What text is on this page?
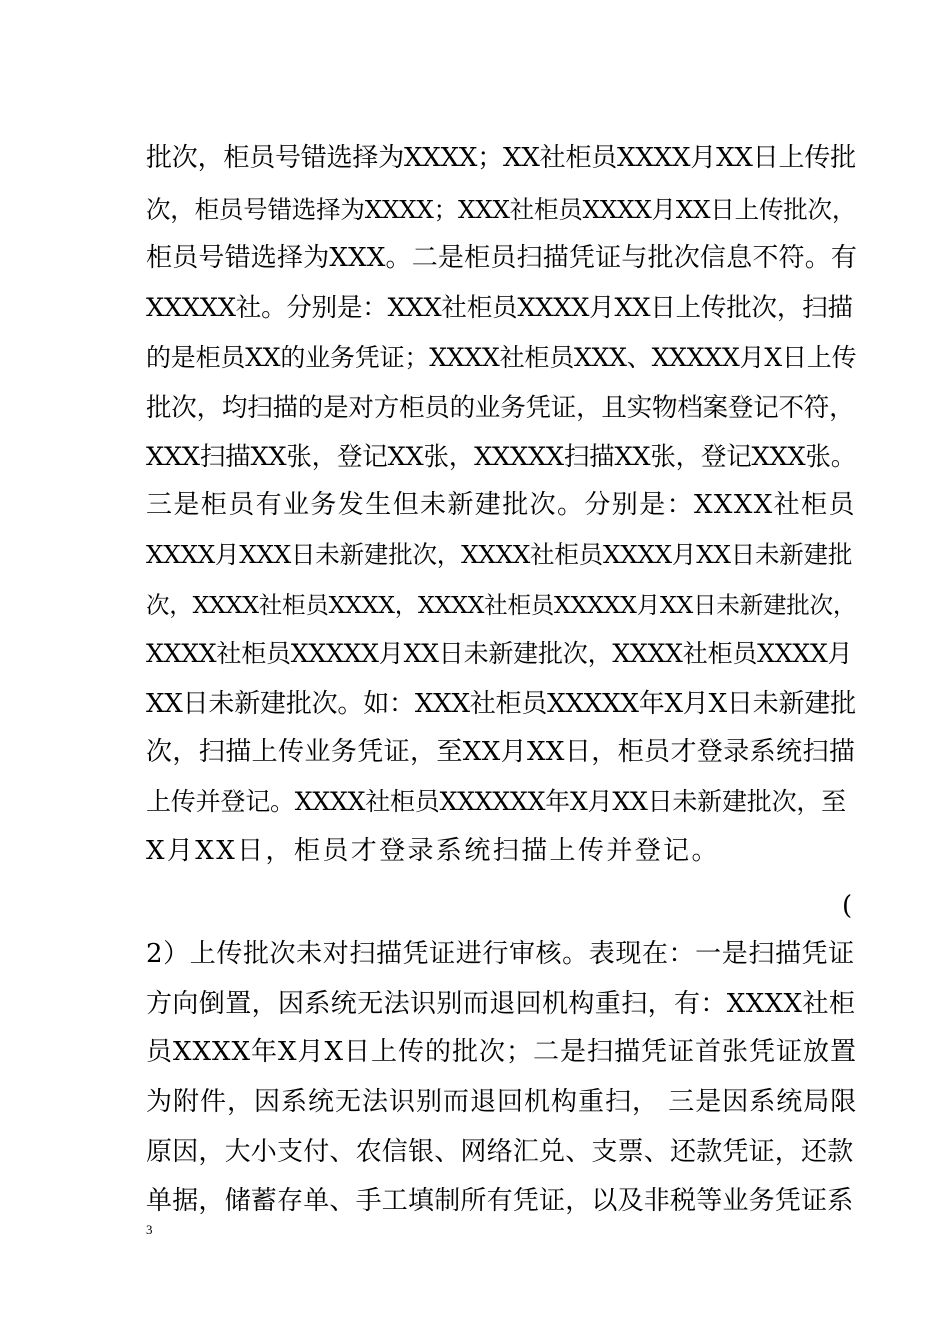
批次，柜员号错选择为XXXX；XX社柜员XXXX月XX日上传批
次，柜员号错选择为XXXX；XXX社柜员XXXX月XX日上传批次，
柜员号错选择为XXX。二是柜员扫描凭证与批次信息不符。有
XXXXX社。分别是：XXX社柜员XXXX月XX日上传批次，扫描
的是柜员XX的业务凭证；XXXX社柜员XXX、XXXXX月X日上传
批次，均扫描的是对方柜员的业务凭证，且实物档案登记不符，
XXX扫描XX张，登记XX张，XXXXX扫描XX张，登记XXX张。
三是柜员有业务发生但未新建批次。分别是：XXXX社柜员
XXXX月XXX日未新建批次，XXXX社柜员XXXX月XX日未新建批
次，XXXX社柜员XXXX，XXXX社柜员XXXXX月XX日未新建批次，
XXXX社柜员XXXXX月XX日未新建批次，XXXX社柜员XXXX月
XX日未新建批次。如：XXX社柜员XXXXX年X月X日未新建批
次，扫描上传业务凭证，至XX月XX日，柜员才登录系统扫描
上传并登记。XXXX社柜员XXXXXX年X月XX日未新建批次，至
X月XX日，柜员才登录系统扫描上传并登记。
(
2）上传批次未对扫描凭证进行审核。表现在：一是扫描凭证
方向倒置，因系统无法识别而退回机构重扫，有：XXXX社柜
员XXXX年X月X日上传的批次；二是扫描凭证首张凭证放置
为附件，因系统无法识别而退回机构重扫， 三是因系统局限
原因，大小支付、农信银、网络汇兑、支票、还款凭证，还款
单据，储蓄存单、手工填制所有凭证，以及非税等业务凭证系
3
